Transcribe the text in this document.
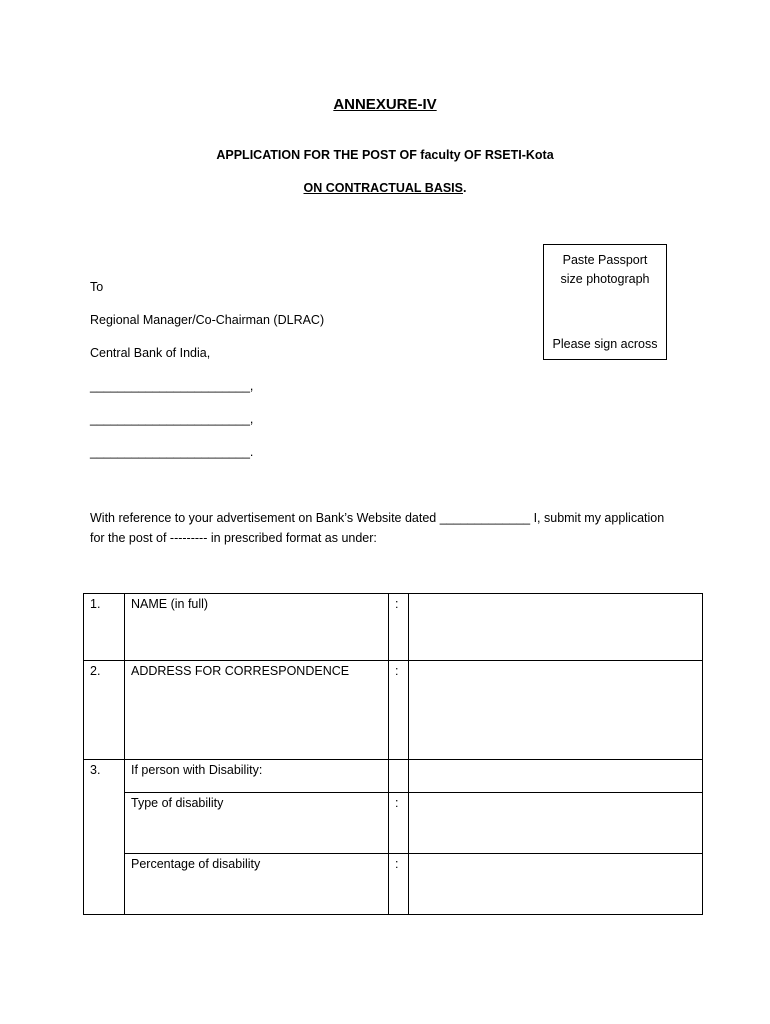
ANNEXURE-IV
APPLICATION FOR THE POST OF faculty OF RSETI-Kota
ON CONTRACTUAL BASIS.
Paste Passport
size photograph
Please sign across
To
Regional Manager/Co-Chairman (DLRAC)
Central Bank of India,
_______________________,
_______________________,
_______________________.
With reference to your advertisement on Bank’s Website dated _____________ I, submit my application
for the post of --------- in prescribed format as under:
1.	NAME (in full)	:	
2.	ADDRESS FOR CORRESPONDENCE	:	
3.	If person with Disability:		
	Type of disability	:	
	Percentage of disability	:	
